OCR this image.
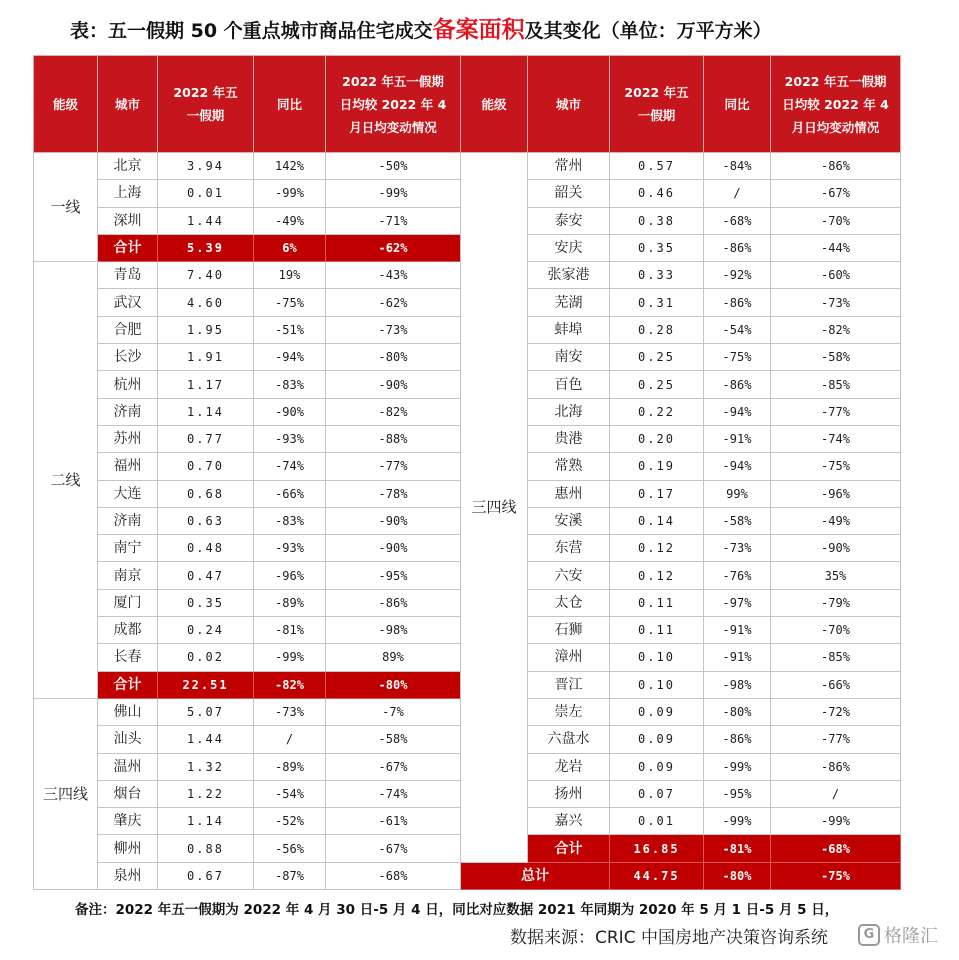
表：五一假期 50 个重点城市商品住宅成交备案面积及其变化（单位：万平方米）
能级	城市	2022 年五
一假期	同比	2022 年五一假期
日均较 2022 年 4
月日均变动情况	能级	城市	2022 年五
一假期	同比	2022 年五一假期
日均较 2022 年 4
月日均变动情况

一线	北京	3.94	142%	-50%	三四线	常州	0.57	-84%	-86%
	上海	0.01	-99%	-99%		韶关	0.46	/	-67%
	深圳	1.44	-49%	-71%		泰安	0.38	-68%	-70%
	合计	5.39	6%	-62%		安庆	0.35	-86%	-44%
二线	青岛	7.40	19%	-43%		张家港	0.33	-92%	-60%
	武汉	4.60	-75%	-62%		芜湖	0.31	-86%	-73%
	合肥	1.95	-51%	-73%		蚌埠	0.28	-54%	-82%
	长沙	1.91	-94%	-80%		南安	0.25	-75%	-58%
	杭州	1.17	-83%	-90%		百色	0.25	-86%	-85%
	济南	1.14	-90%	-82%		北海	0.22	-94%	-77%
	苏州	0.77	-93%	-88%		贵港	0.20	-91%	-74%
	福州	0.70	-74%	-77%		常熟	0.19	-94%	-75%
	大连	0.68	-66%	-78%		惠州	0.17	99%	-96%
	济南	0.63	-83%	-90%		安溪	0.14	-58%	-49%
	南宁	0.48	-93%	-90%		东营	0.12	-73%	-90%
	南京	0.47	-96%	-95%		六安	0.12	-76%	35%
	厦门	0.35	-89%	-86%		太仓	0.11	-97%	-79%
	成都	0.24	-81%	-98%		石狮	0.11	-91%	-70%
	长春	0.02	-99%	89%		漳州	0.10	-91%	-85%
	合计	22.51	-82%	-80%		晋江	0.10	-98%	-66%
三四线	佛山	5.07	-73%	-7%		崇左	0.09	-80%	-72%
	汕头	1.44	/	-58%		六盘水	0.09	-86%	-77%
	温州	1.32	-89%	-67%		龙岩	0.09	-99%	-86%
	烟台	1.22	-54%	-74%		扬州	0.07	-95%	/
	肇庆	1.14	-52%	-61%		嘉兴	0.01	-99%	-99%
	柳州	0.88	-56%	-67%		合计	16.85	-81%	-68%
	泉州	0.67	-87%	-68%	总计		44.75	-80%	-75%
备注：2022 年五一假期为 2022 年 4 月 30 日-5 月 4 日，同比对应数据 2021 年同期为 2020 年 5 月 1 日-5 月 5 日，
数据来源：CRIC 中国房地产决策咨询系统	G 格隆汇
